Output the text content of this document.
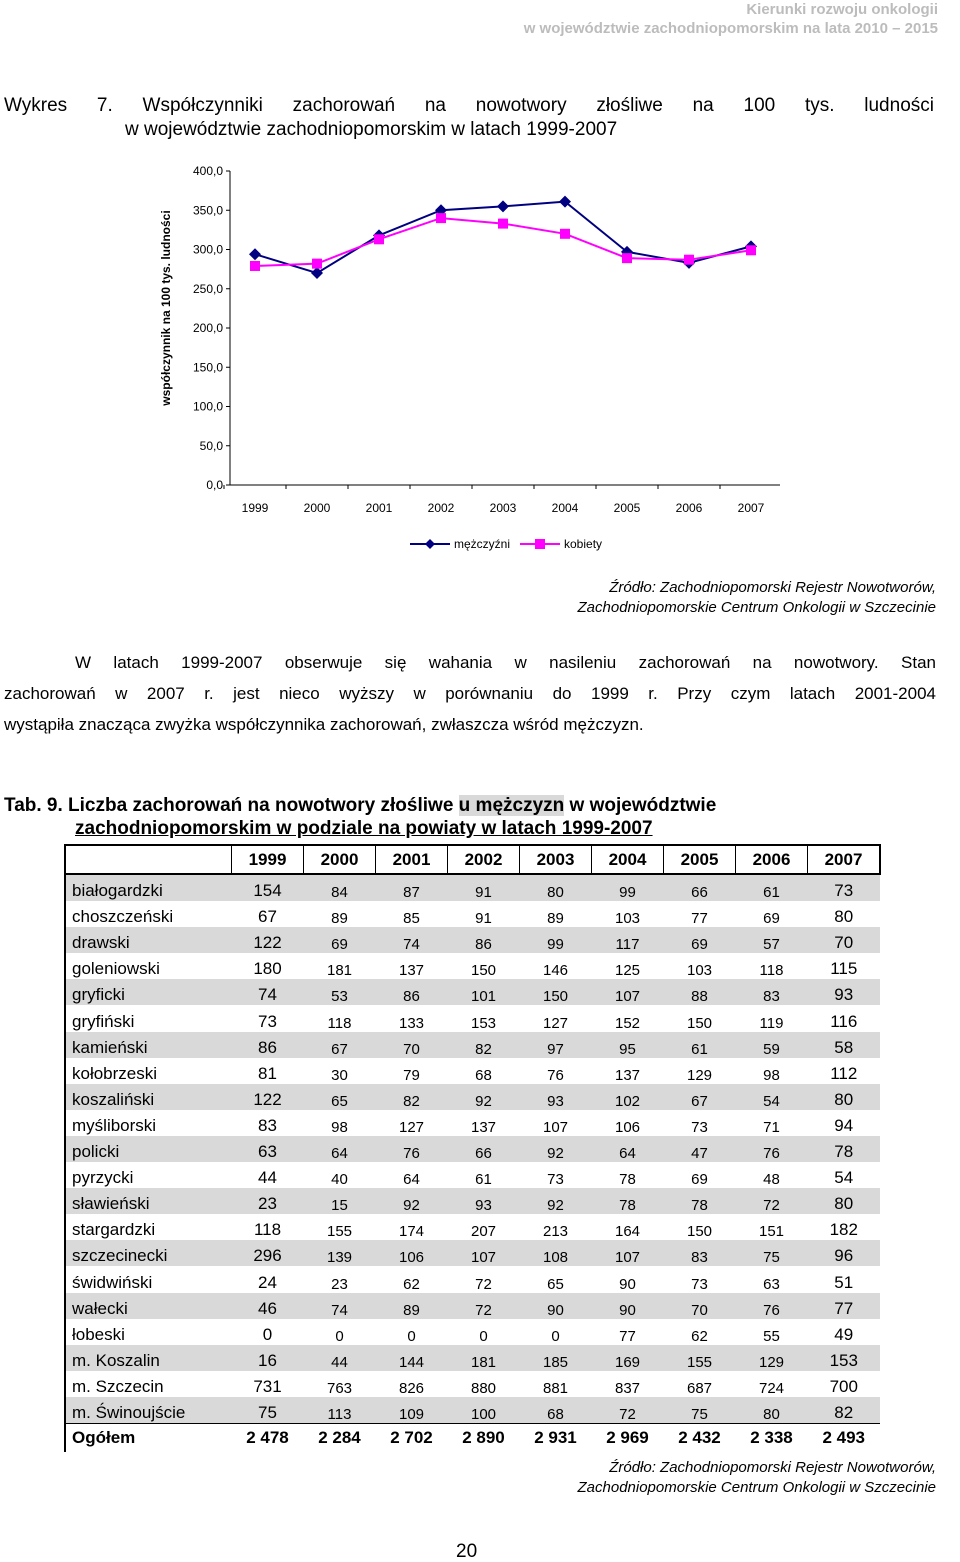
Kierunki rozwoju onkologii
w województwie zachodniopomorskim na lata 2010 – 2015
Wykres 7. Współczynniki zachorowań na nowotwory złośliwe na 100 tys. ludności
w województwie zachodniopomorskim w latach 1999-2007
0,0
50,0
100,0
150,0
200,0
250,0
300,0
350,0
400,0
1999	2000	2001	2002	2003	2004	2005	2006	2007
współczynnik na 100 tys. ludności
mężczyźni	kobiety
Źródło: Zachodniopomorski Rejestr Nowotworów,
Zachodniopomorskie Centrum Onkologii w Szczecinie

W latach 1999-2007 obserwuje się wahania w nasileniu zachorowań na nowotwory. Stan

zachorowań w 2007 r. jest nieco wyższy w porównaniu do 1999 r. Przy czym latach 2001-2004

wystąpiła znacząca zwyżka współczynnika zachorowań, zwłaszcza wśród mężczyzn.

Tab. 9. Liczba zachorowań na nowotwory złośliwe u mężczyzn w województwie
zachodniopomorskim w podziale na powiaty w latach 1999-2007
	1999	2000	2001	2002	2003	2004	2005	2006	2007
białogardzki	154	84	87	91	80	99	66	61	73
choszczeński	67	89	85	91	89	103	77	69	80
drawski	122	69	74	86	99	117	69	57	70
goleniowski	180	181	137	150	146	125	103	118	115
gryficki	74	53	86	101	150	107	88	83	93
gryfiński	73	118	133	153	127	152	150	119	116
kamieński	86	67	70	82	97	95	61	59	58
kołobrzeski	81	30	79	68	76	137	129	98	112
koszaliński	122	65	82	92	93	102	67	54	80
myśliborski	83	98	127	137	107	106	73	71	94
policki	63	64	76	66	92	64	47	76	78
pyrzycki	44	40	64	61	73	78	69	48	54
sławieński	23	15	92	93	92	78	78	72	80
stargardzki	118	155	174	207	213	164	150	151	182
szczecinecki	296	139	106	107	108	107	83	75	96
świdwiński	24	23	62	72	65	90	73	63	51
wałecki	46	74	89	72	90	90	70	76	77
łobeski	0	0	0	0	0	77	62	55	49
m. Koszalin	16	44	144	181	185	169	155	129	153
m. Szczecin	731	763	826	880	881	837	687	724	700
m. Świnoujście	75	113	109	100	68	72	75	80	82
Ogółem	2 478	2 284	2 702	2 890	2 931	2 969	2 432	2 338	2 493
Źródło: Zachodniopomorski Rejestr Nowotworów,
Zachodniopomorskie Centrum Onkologii w Szczecinie
20
